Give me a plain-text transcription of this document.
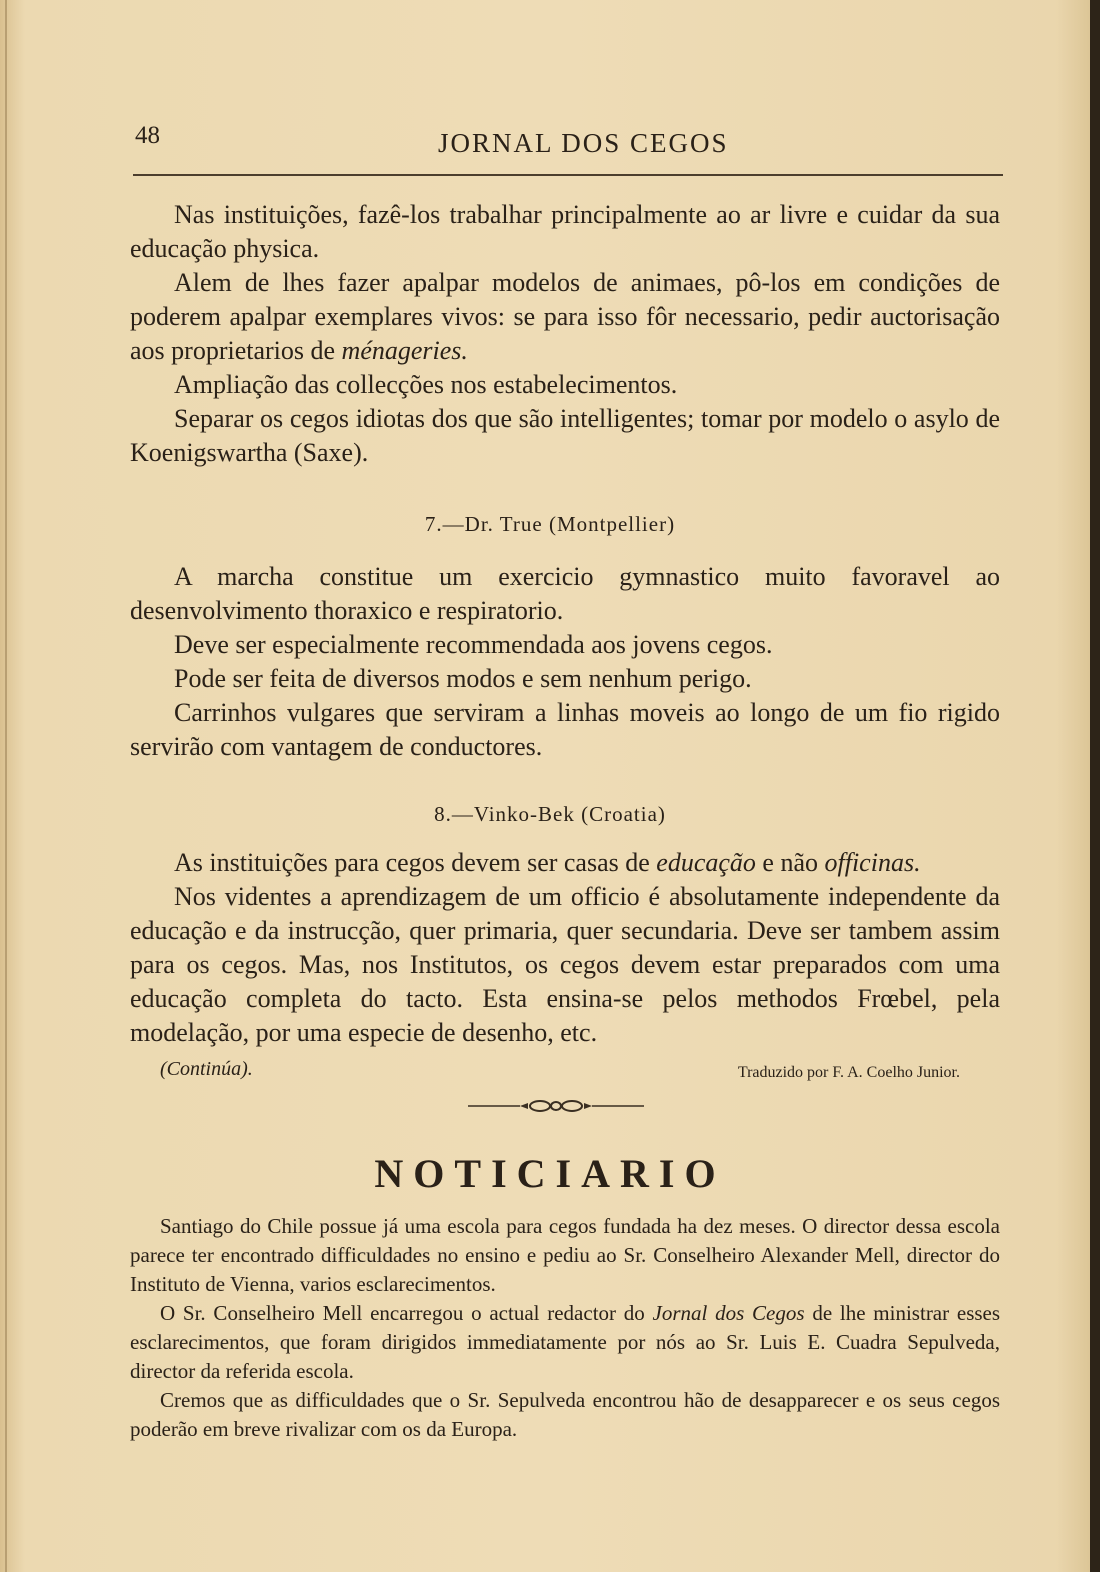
48	JORNAL DOS CEGOS

Nas instituições, fazê-los trabalhar principalmente ao ar livre e cuidar da sua educação physica.

Alem de lhes fazer apalpar modelos de animaes, pô-los em condições de poderem apalpar exemplares vivos: se para isso fôr necessario, pedir auctorisação aos proprietarios de ménageries.

Ampliação das collecções nos estabelecimentos.

Separar os cegos idiotas dos que são intelligentes; tomar por modelo o asylo de Koenigswartha (Saxe).

7.—Dr. True (Montpellier)

A marcha constitue um exercicio gymnastico muito favoravel ao desenvolvimento thoraxico e respiratorio.

Deve ser especialmente recommendada aos jovens cegos.

Pode ser feita de diversos modos e sem nenhum perigo.

Carrinhos vulgares que serviram a linhas moveis ao longo de um fio rigido servirão com vantagem de conductores.

8.—Vinko-Bek (Croatia)

As instituições para cegos devem ser casas de educação e não officinas.

Nos videntes a aprendizagem de um officio é absolutamente independente da educação e da instrucção, quer primaria, quer secundaria. Deve ser tambem assim para os cegos. Mas, nos Institutos, os cegos devem estar preparados com uma educação completa do tacto. Esta ensina-se pelos methodos Frœbel, pela modelação, por uma especie de desenho, etc.

(Continúa).	Traduzido por F. A. Coelho Junior.
NOTICIARIO

Santiago do Chile possue já uma escola para cegos fundada ha dez meses. O director dessa escola parece ter encontrado difficuldades no ensino e pediu ao Sr. Conselheiro Alexander Mell, director do Instituto de Vienna, varios esclarecimentos.

O Sr. Conselheiro Mell encarregou o actual redactor do Jornal dos Cegos de lhe ministrar esses esclarecimentos, que foram dirigidos immediatamente por nós ao Sr. Luis E. Cuadra Sepulveda, director da referida escola.

Cremos que as difficuldades que o Sr. Sepulveda encontrou hão de desapparecer e os seus cegos poderão em breve rivalizar com os da Europa.
